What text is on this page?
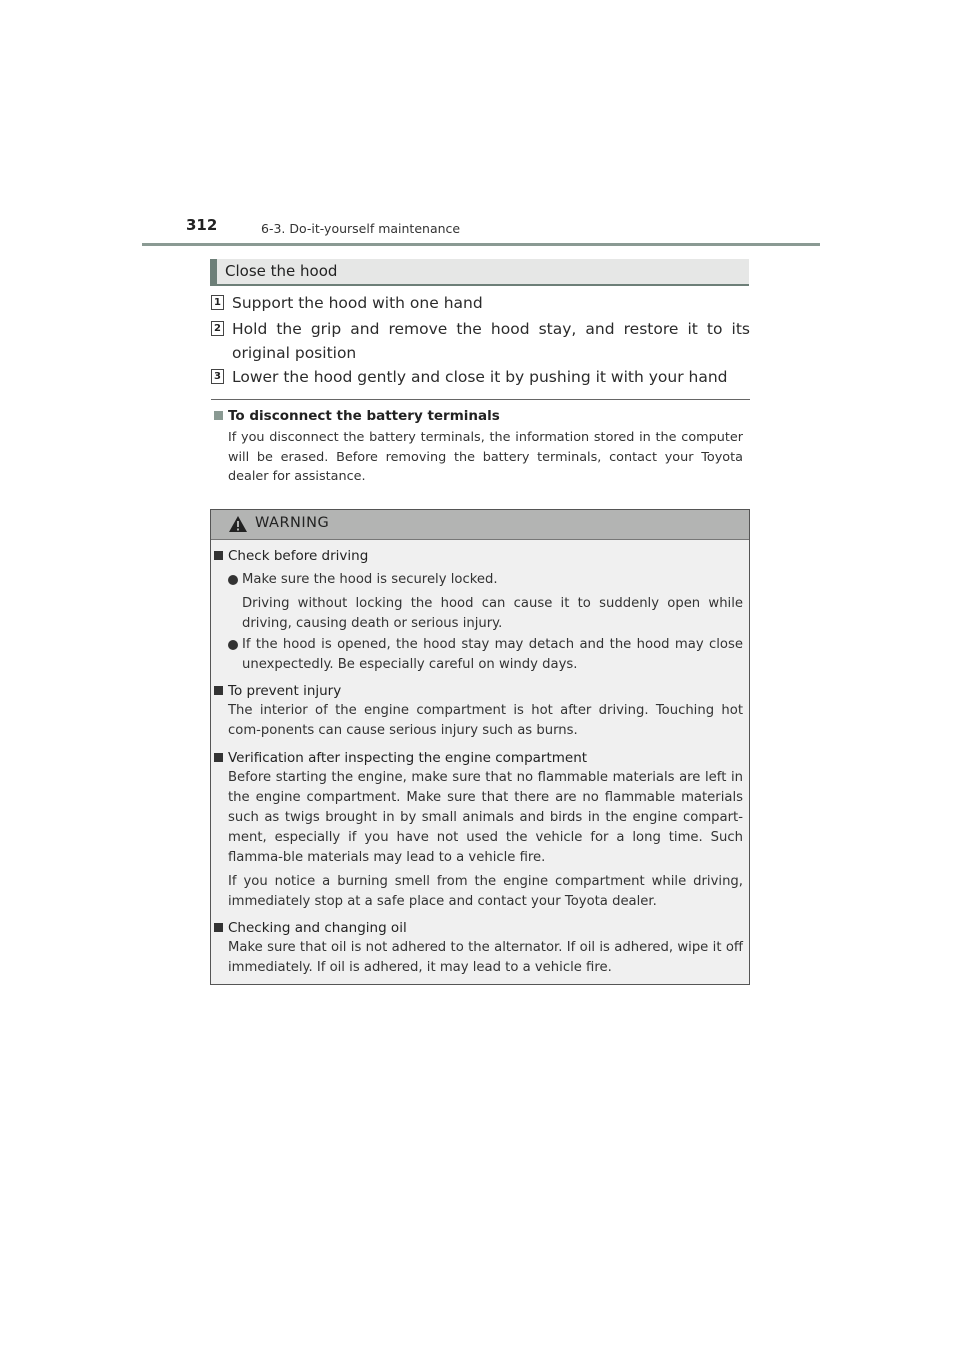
312	6-3. Do-it-yourself maintenance
Close the hood
1 Support the hood with one hand
2 Hold the grip and remove the hood stay, and restore it to its original position
3 Lower the hood gently and close it by pushing it with your hand
To disconnect the battery terminals
If you disconnect the battery terminals, the information stored in the computer will be erased. Before removing the battery terminals, contact your Toyota dealer for assistance.
WARNING
Check before driving
Make sure the hood is securely locked.
Driving without locking the hood can cause it to suddenly open while driving, causing death or serious injury.
If the hood is opened, the hood stay may detach and the hood may close unexpectedly. Be especially careful on windy days.
To prevent injury
The interior of the engine compartment is hot after driving. Touching hot com-ponents can cause serious injury such as burns.
Verification after inspecting the engine compartment
Before starting the engine, make sure that no flammable materials are left in the engine compartment. Make sure that there are no flammable materials such as twigs brought in by small animals and birds in the engine compart-ment, especially if you have not used the vehicle for a long time. Such flamma-ble materials may lead to a vehicle fire.
If you notice a burning smell from the engine compartment while driving, immediately stop at a safe place and contact your Toyota dealer.
Checking and changing oil
Make sure that oil is not adhered to the alternator. If oil is adhered, wipe it off immediately. If oil is adhered, it may lead to a vehicle fire.
